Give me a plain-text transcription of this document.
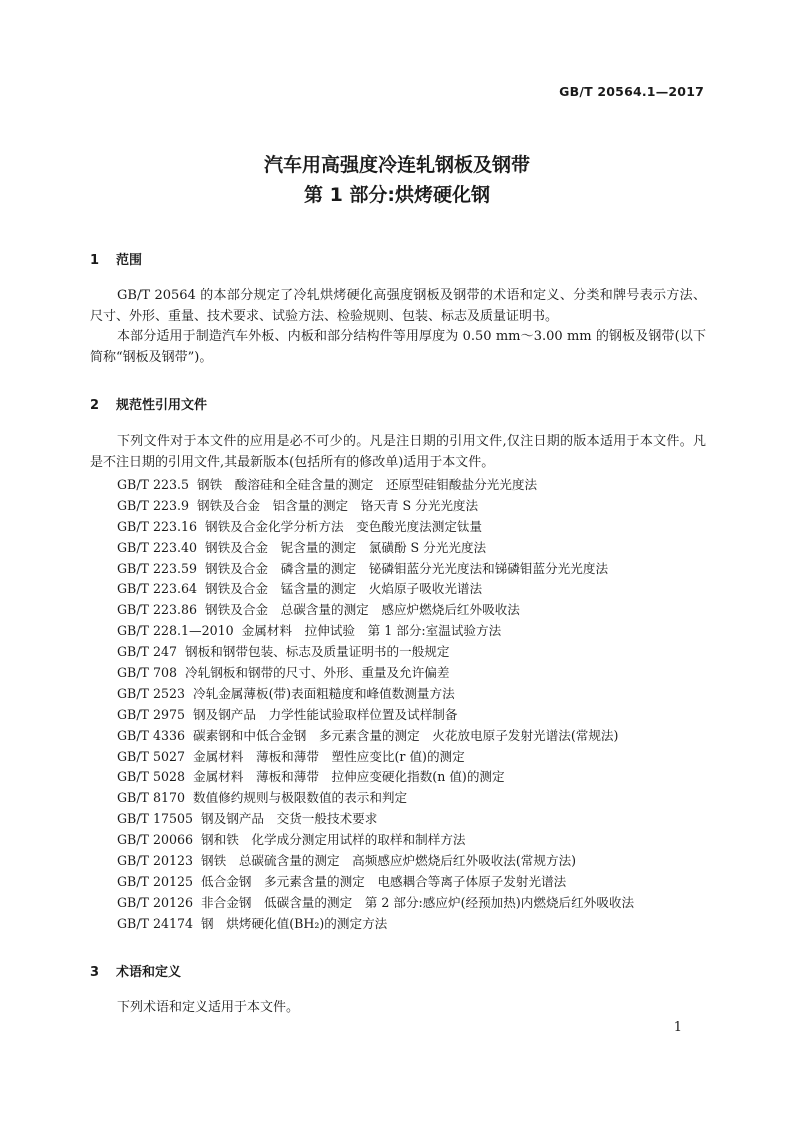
GB/T 20564.1—2017
汽车用高强度冷连轧钢板及钢带
第 1 部分:烘烤硬化钢
1 范围

GB/T 20564 的本部分规定了冷轧烘烤硬化高强度钢板及钢带的术语和定义、分类和牌号表示方法、尺寸、外形、重量、技术要求、试验方法、检验规则、包装、标志及质量证明书。

本部分适用于制造汽车外板、内板和部分结构件等用厚度为 0.50 mm～3.00 mm 的钢板及钢带(以下简称“钢板及钢带”)。

2 规范性引用文件

下列文件对于本文件的应用是必不可少的。凡是注日期的引用文件,仅注日期的版本适用于本文件。凡是不注日期的引用文件,其最新版本(包括所有的修改单)适用于本文件。

GB/T 223.5 钢铁　酸溶硅和全硅含量的测定　还原型硅钼酸盐分光光度法
GB/T 223.9 钢铁及合金　铝含量的测定　铬天青 S 分光光度法
GB/T 223.16 钢铁及合金化学分析方法　变色酸光度法测定钛量
GB/T 223.40 钢铁及合金　铌含量的测定　氯磺酚 S 分光光度法
GB/T 223.59 钢铁及合金　磷含量的测定　铋磷钼蓝分光光度法和锑磷钼蓝分光光度法
GB/T 223.64 钢铁及合金　锰含量的测定　火焰原子吸收光谱法
GB/T 223.86 钢铁及合金　总碳含量的测定　感应炉燃烧后红外吸收法
GB/T 228.1—2010 金属材料　拉伸试验　第 1 部分:室温试验方法
GB/T 247 钢板和钢带包装、标志及质量证明书的一般规定
GB/T 708 冷轧钢板和钢带的尺寸、外形、重量及允许偏差
GB/T 2523 冷轧金属薄板(带)表面粗糙度和峰值数测量方法
GB/T 2975 钢及钢产品　力学性能试验取样位置及试样制备
GB/T 4336 碳素钢和中低合金钢　多元素含量的测定　火花放电原子发射光谱法(常规法)
GB/T 5027 金属材料　薄板和薄带　塑性应变比(r 值)的测定
GB/T 5028 金属材料　薄板和薄带　拉伸应变硬化指数(n 值)的测定
GB/T 8170 数值修约规则与极限数值的表示和判定
GB/T 17505 钢及钢产品　交货一般技术要求
GB/T 20066 钢和铁　化学成分测定用试样的取样和制样方法
GB/T 20123 钢铁　总碳硫含量的测定　高频感应炉燃烧后红外吸收法(常规方法)
GB/T 20125 低合金钢　多元素含量的测定　电感耦合等离子体原子发射光谱法
GB/T 20126 非合金钢　低碳含量的测定　第 2 部分:感应炉(经预加热)内燃烧后红外吸收法
GB/T 24174 钢　烘烤硬化值(BH₂)的测定方法
3 术语和定义

下列术语和定义适用于本文件。

1
